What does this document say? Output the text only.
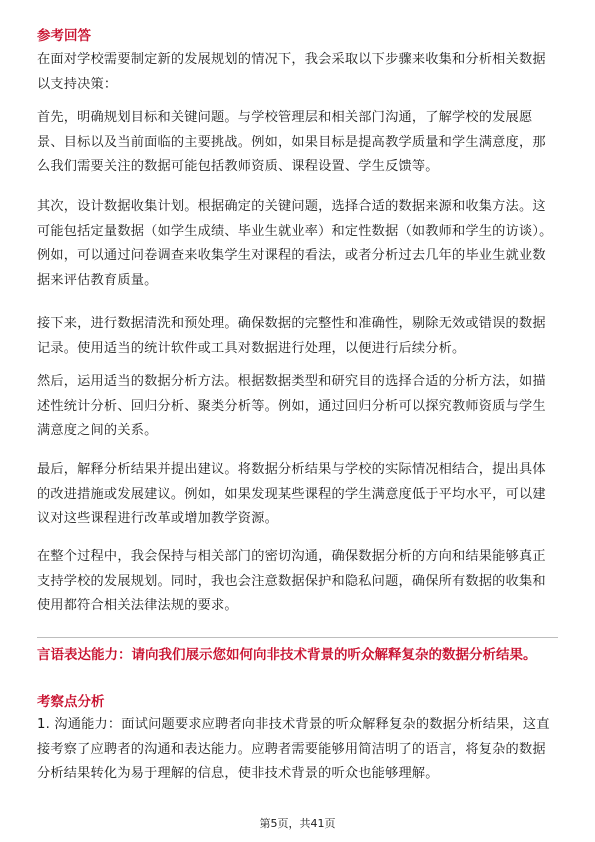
参考回答
在面对学校需要制定新的发展规划的情况下，我会采取以下步骤来收集和分析相关数据以支持决策：
首先，明确规划目标和关键问题。与学校管理层和相关部门沟通，了解学校的发展愿景、目标以及当前面临的主要挑战。例如，如果目标是提高教学质量和学生满意度，那么我们需要关注的数据可能包括教师资质、课程设置、学生反馈等。
其次，设计数据收集计划。根据确定的关键问题，选择合适的数据来源和收集方法。这可能包括定量数据（如学生成绩、毕业生就业率）和定性数据（如教师和学生的访谈）。例如，可以通过问卷调查来收集学生对课程的看法，或者分析过去几年的毕业生就业数据来评估教育质量。
接下来，进行数据清洗和预处理。确保数据的完整性和准确性，剔除无效或错误的数据记录。使用适当的统计软件或工具对数据进行处理，以便进行后续分析。
然后，运用适当的数据分析方法。根据数据类型和研究目的选择合适的分析方法，如描述性统计分析、回归分析、聚类分析等。例如，通过回归分析可以探究教师资质与学生满意度之间的关系。
最后，解释分析结果并提出建议。将数据分析结果与学校的实际情况相结合，提出具体的改进措施或发展建议。例如，如果发现某些课程的学生满意度低于平均水平，可以建议对这些课程进行改革或增加教学资源。
在整个过程中，我会保持与相关部门的密切沟通，确保数据分析的方向和结果能够真正支持学校的发展规划。同时，我也会注意数据保护和隐私问题，确保所有数据的收集和使用都符合相关法律法规的要求。
言语表达能力：请向我们展示您如何向非技术背景的听众解释复杂的数据分析结果。
考察点分析
1. 沟通能力：面试问题要求应聘者向非技术背景的听众解释复杂的数据分析结果，这直接考察了应聘者的沟通和表达能力。应聘者需要能够用简洁明了的语言，将复杂的数据分析结果转化为易于理解的信息，使非技术背景的听众也能够理解。
第5页，共41页
